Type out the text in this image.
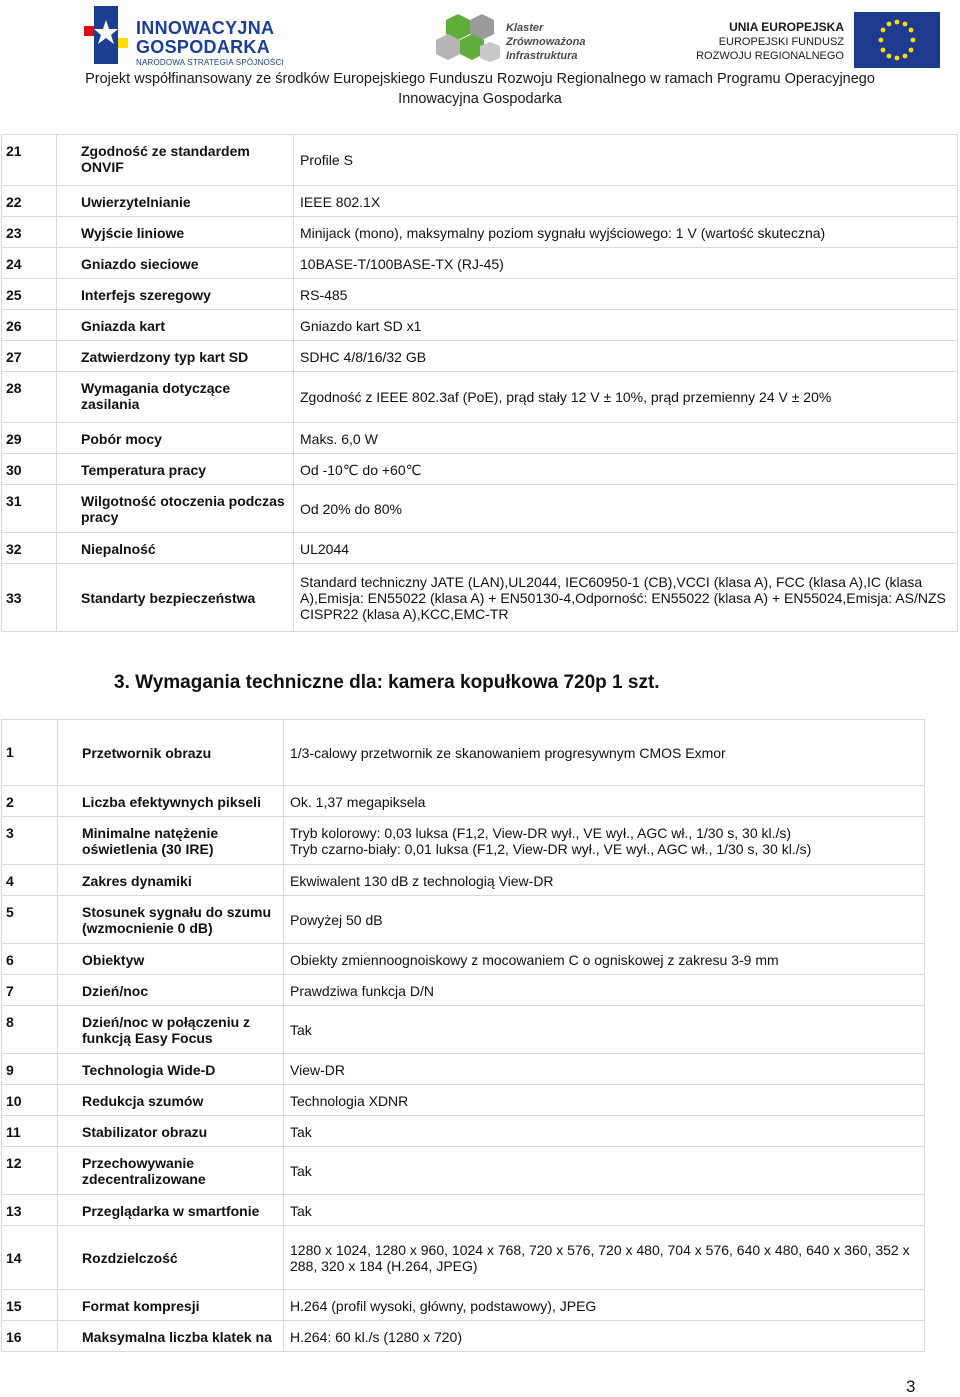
INNOWACYJNA
GOSPODARKA
NARODOWA STRATEGIA SPÓJNOŚCI
Klaster
Zrównoważona
Infrastruktura
UNIA EUROPEJSKA
EUROPEJSKI FUNDUSZ
ROZWOJU REGIONALNEGO
Projekt współfinansowany ze środków Europejskiego Funduszu Rozwoju Regionalnego w ramach Programu Operacyjnego
Innowacyjna Gospodarka
21	Zgodność ze standardem ONVIF	Profile S
22	Uwierzytelnianie	IEEE 802.1X
23	Wyjście liniowe	Minijack (mono), maksymalny poziom sygnału wyjściowego: 1 V (wartość skuteczna)
24	Gniazdo sieciowe	10BASE-T/100BASE-TX (RJ-45)
25	Interfejs szeregowy	RS-485
26	Gniazda kart	Gniazdo kart SD x1
27	Zatwierdzony typ kart SD	SDHC 4/8/16/32 GB
28	Wymagania dotyczące zasilania	Zgodność z IEEE 802.3af (PoE), prąd stały 12 V ± 10%, prąd przemienny 24 V ± 20%
29	Pobór mocy	Maks. 6,0 W
30	Temperatura pracy	Od -10℃ do +60℃
31	Wilgotność otoczenia podczas pracy	Od 20% do 80%
32	Niepalność	UL2044
33	Standarty bezpieczeństwa	Standard techniczny JATE (LAN),UL2044, IEC60950-1 (CB),VCCI (klasa A), FCC (klasa A),IC (klasa A),Emisja: EN55022 (klasa A) + EN50130-4,Odporność: EN55022 (klasa A) + EN55024,Emisja: AS/NZS CISPR22 (klasa A),KCC,EMC-TR
3. Wymagania techniczne dla: kamera kopułkowa 720p 1 szt.
1	Przetwornik obrazu	1/3-calowy przetwornik ze skanowaniem progresywnym CMOS Exmor
2	Liczba efektywnych pikseli	Ok. 1,37 megapiksela
3	Minimalne natężenie oświetlenia (30 IRE)	Tryb kolorowy: 0,03 luksa (F1,2, View-DR wył., VE wył., AGC wł., 1/30 s, 30 kl./s)
Tryb czarno-biały: 0,01 luksa (F1,2, View-DR wył., VE wył., AGC wł., 1/30 s, 30 kl./s)

4	Zakres dynamiki	Ekwiwalent 130 dB z technologią View-DR
5	Stosunek sygnału do szumu (wzmocnienie 0 dB)	Powyżej 50 dB
6	Obiektyw	Obiekty zmiennoognoiskowy z mocowaniem C o ogniskowej z zakresu 3-9 mm
7	Dzień/noc	Prawdziwa funkcja D/N
8	Dzień/noc w połączeniu z funkcją Easy Focus	Tak
9	Technologia Wide-D	View-DR
10	Redukcja szumów	Technologia XDNR
11	Stabilizator obrazu	Tak
12	Przechowywanie zdecentralizowane	Tak
13	Przeglądarka w smartfonie	Tak
14	Rozdzielczość	1280 x 1024, 1280 x 960, 1024 x 768, 720 x 576, 720 x 480, 704 x 576, 640 x 480, 640 x 360, 352 x 288, 320 x 184 (H.264, JPEG)
15	Format kompresji	H.264 (profil wysoki, główny, podstawowy), JPEG
16	Maksymalna liczba klatek na	H.264: 60 kl./s (1280 x 720)
3
